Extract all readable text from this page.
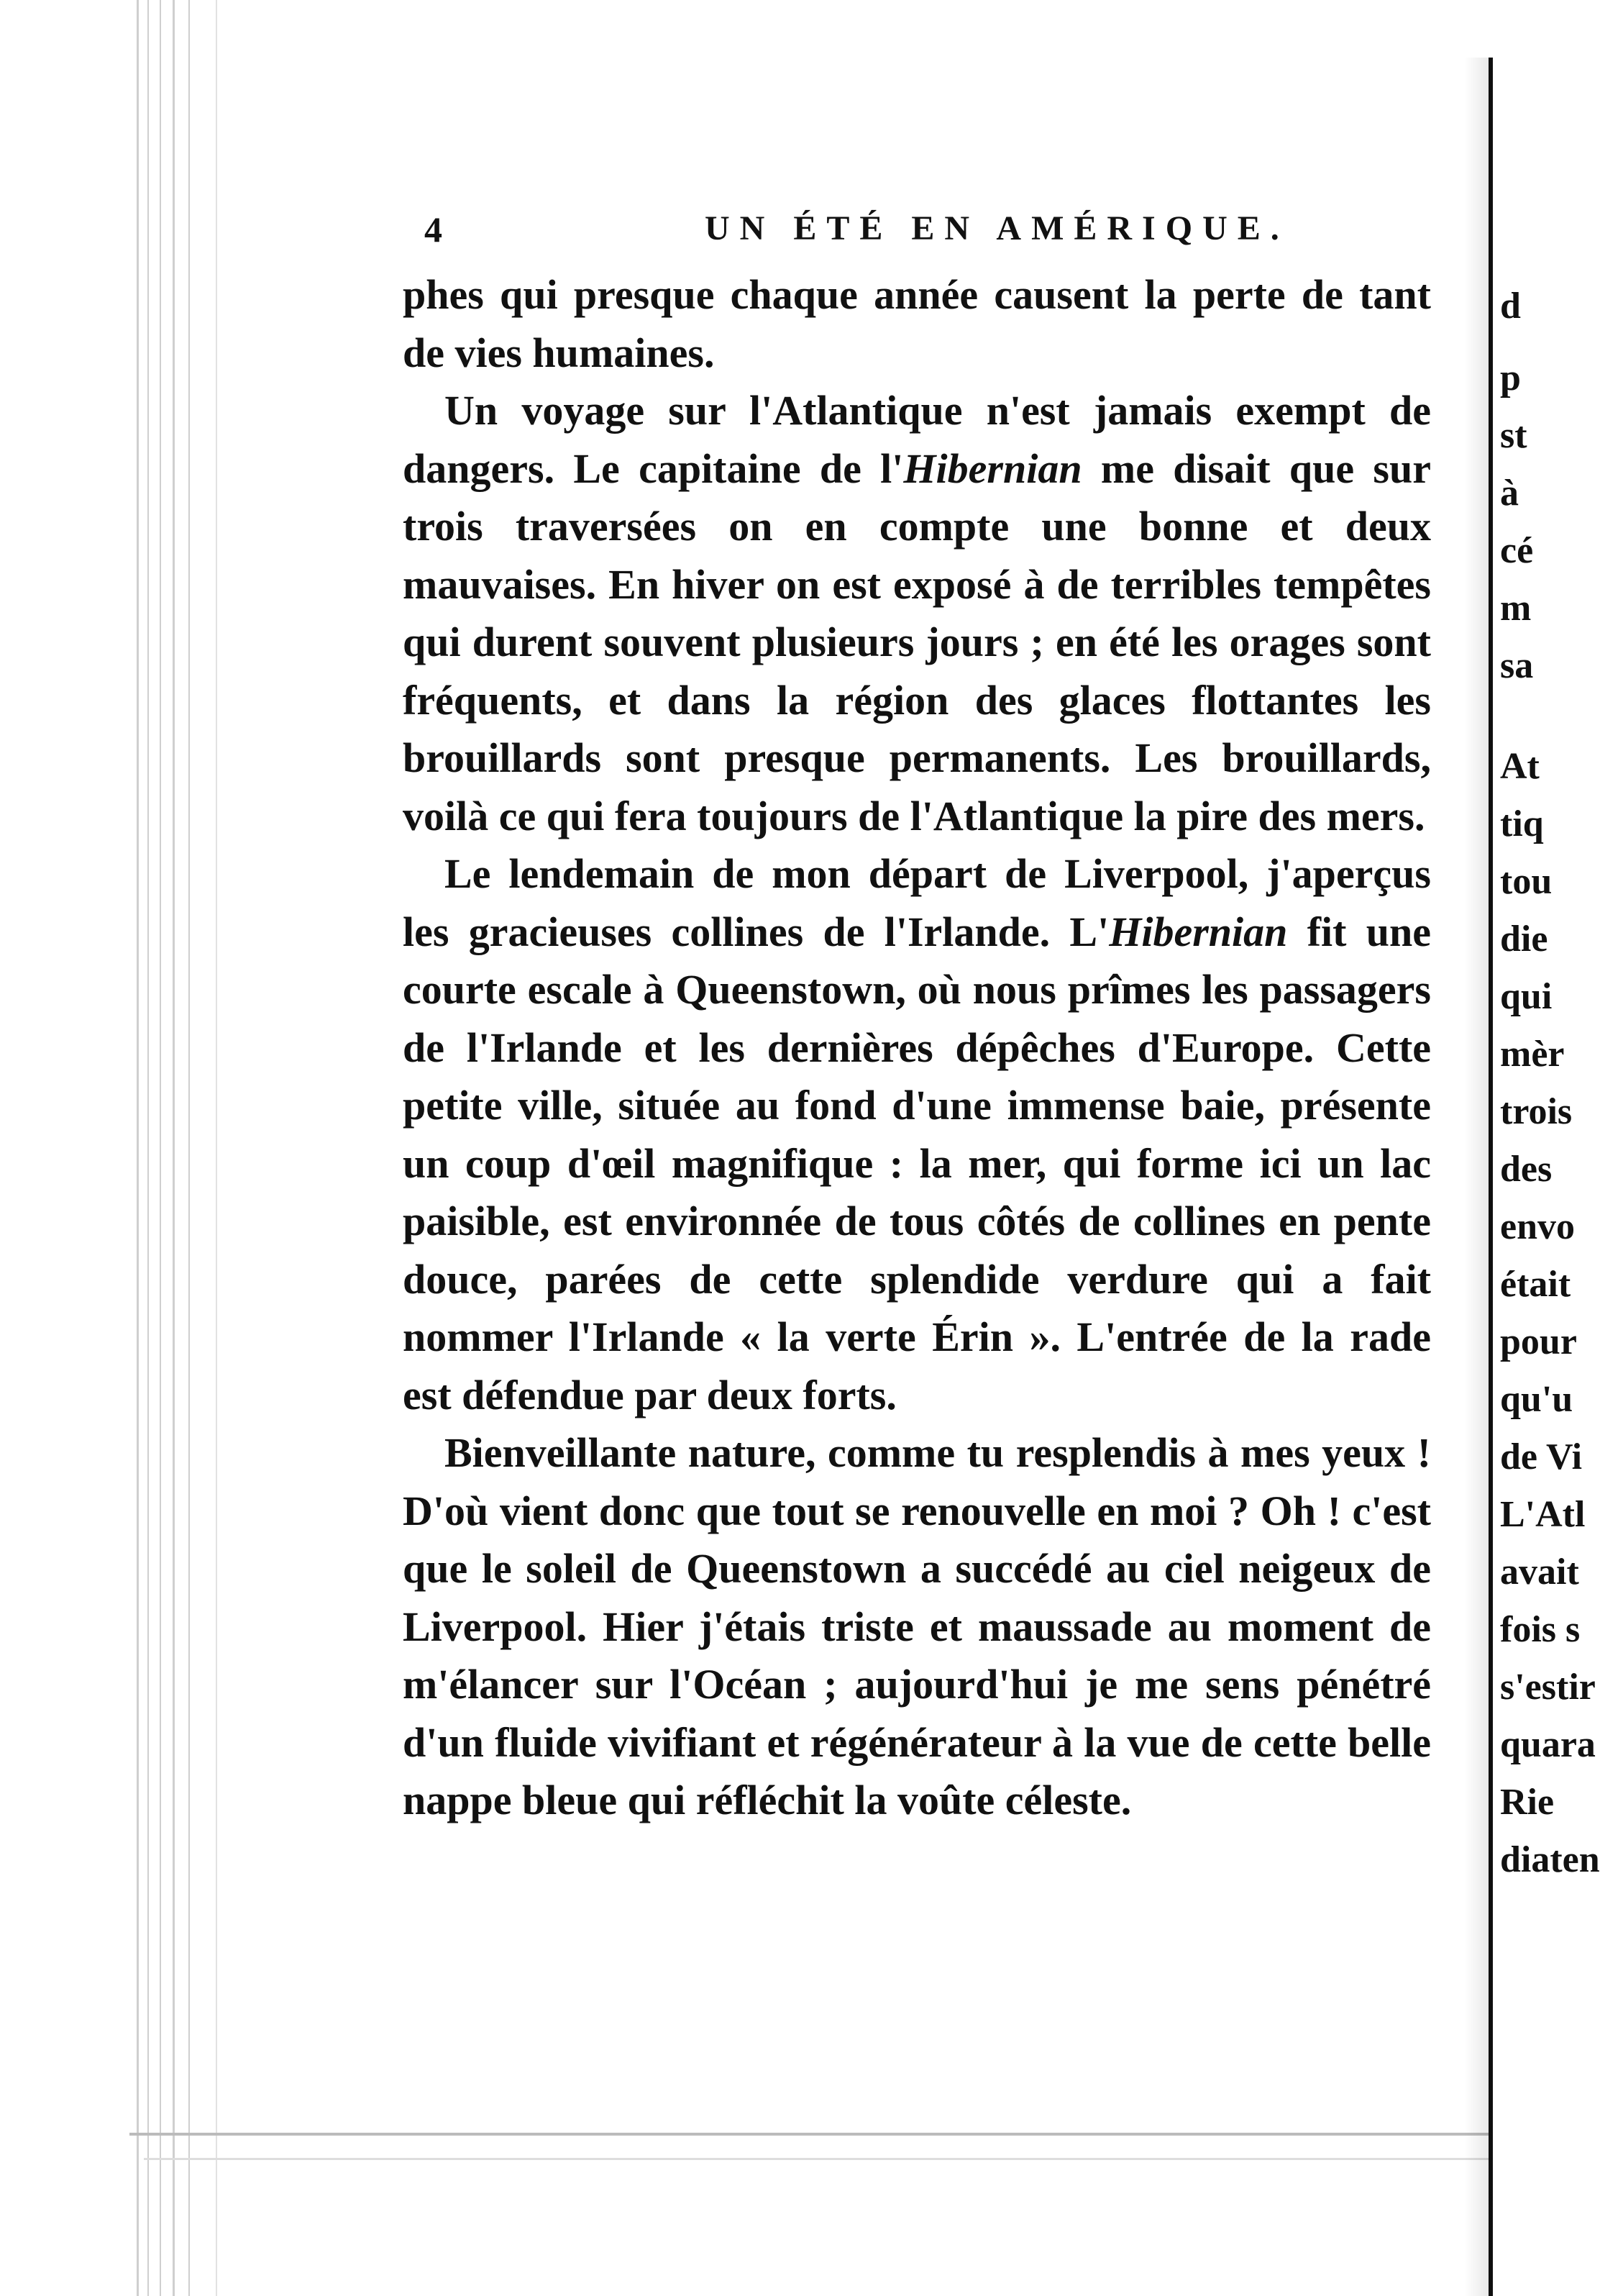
4	UN ÉTÉ EN AMÉRIQUE.

phes qui presque chaque année causent la perte de tant de vies humaines.

Un voyage sur l'Atlantique n'est jamais exempt de dangers. Le capitaine de l'Hibernian me disait que sur trois traversées on en compte une bonne et deux mauvaises. En hiver on est exposé à de terribles tempêtes qui durent souvent plusieurs jours ; en été les orages sont fréquents, et dans la région des glaces flottantes les brouillards sont presque permanents. Les brouillards, voilà ce qui fera toujours de l'Atlantique la pire des mers.

Le lendemain de mon départ de Liverpool, j'aperçus les gracieuses collines de l'Irlande. L'Hibernian fit une courte escale à Queenstown, où nous prîmes les passagers de l'Irlande et les dernières dépêches d'Europe. Cette petite ville, située au fond d'une immense baie, présente un coup d'œil magnifique : la mer, qui forme ici un lac paisible, est environnée de tous côtés de collines en pente douce, parées de cette splendide verdure qui a fait nommer l'Irlande « la verte Érin ». L'entrée de la rade est défendue par deux forts.

Bienveillante nature, comme tu resplendis à mes yeux ! D'où vient donc que tout se renouvelle en moi ? Oh ! c'est que le soleil de Queenstown a succédé au ciel neigeux de Liverpool. Hier j'étais triste et maussade au moment de m'élancer sur l'Océan ; aujourd'hui je me sens pénétré d'un fluide vivifiant et régénérateur à la vue de cette belle nappe bleue qui réfléchit la voûte céleste.

d
p
st
à
cé
m
sa
At
tiq
tou
die
qui
mèr
trois
des
envo
était
pour
qu'u
de Vi
L'Atl
avait
fois s
s'estir
quara
Rie
diaten
